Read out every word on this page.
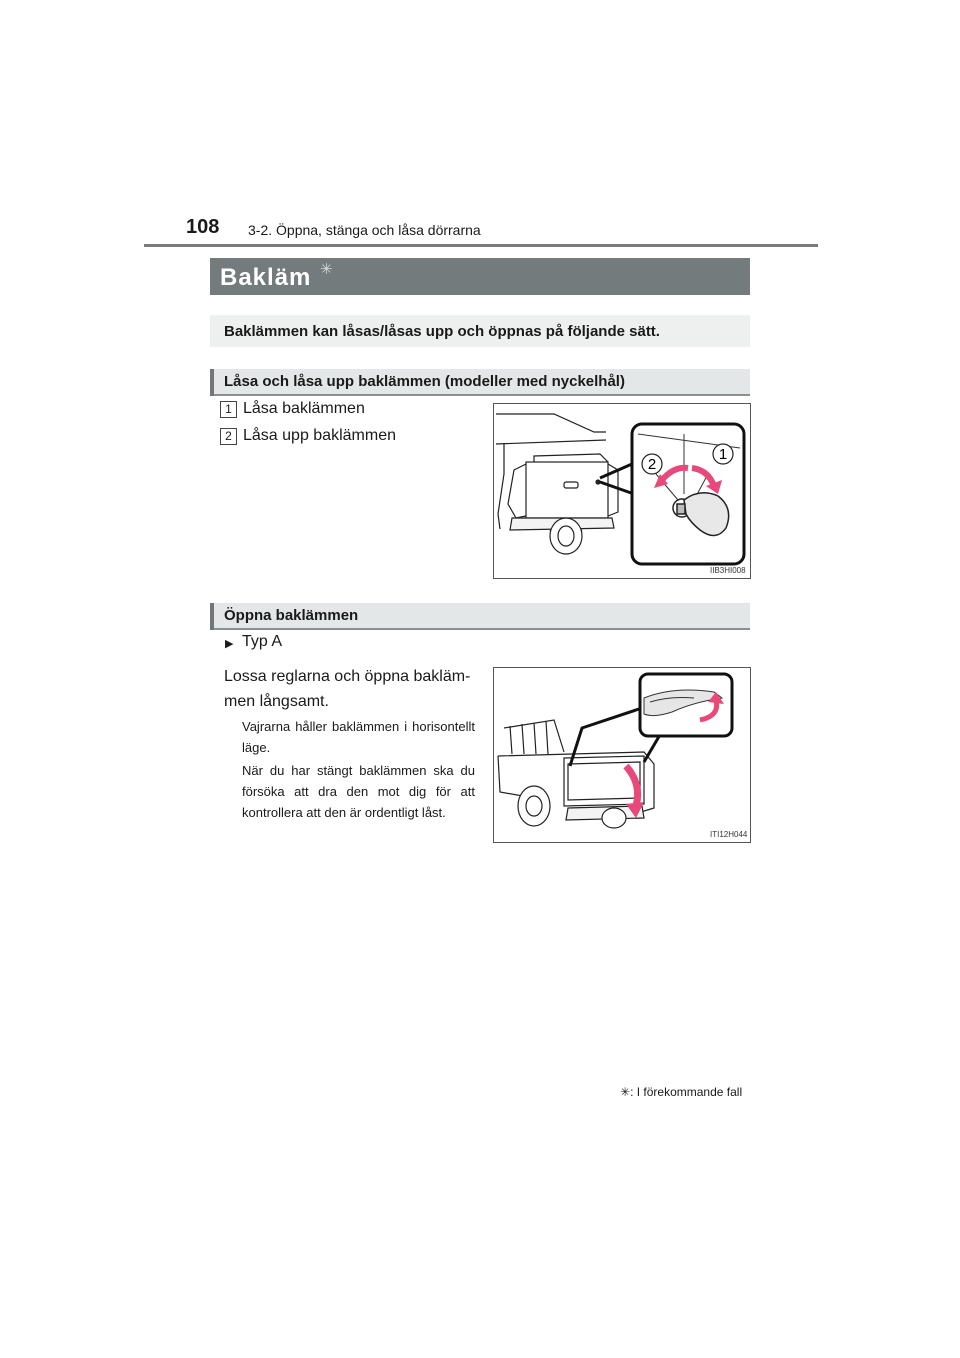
108 3-2. Öppna, stänga och låsa dörrarna
Bakläm ✳
Baklämmen kan låsas/låsas upp och öppnas på följande sätt.
Låsa och låsa upp baklämmen (modeller med nyckelhål)
1 Låsa baklämmen
2 Låsa upp baklämmen
2
1
IIB3HI008
Öppna baklämmen
▶ Typ A
Lossa reglarna och öppna bakläm-
men långsamt.
Vajrarna håller baklämmen i horisontellt läge.
När du har stängt baklämmen ska du försöka att dra den mot dig för att kontrollera att den är ordentligt låst.
ITI12H044
✳: I förekommande fall
